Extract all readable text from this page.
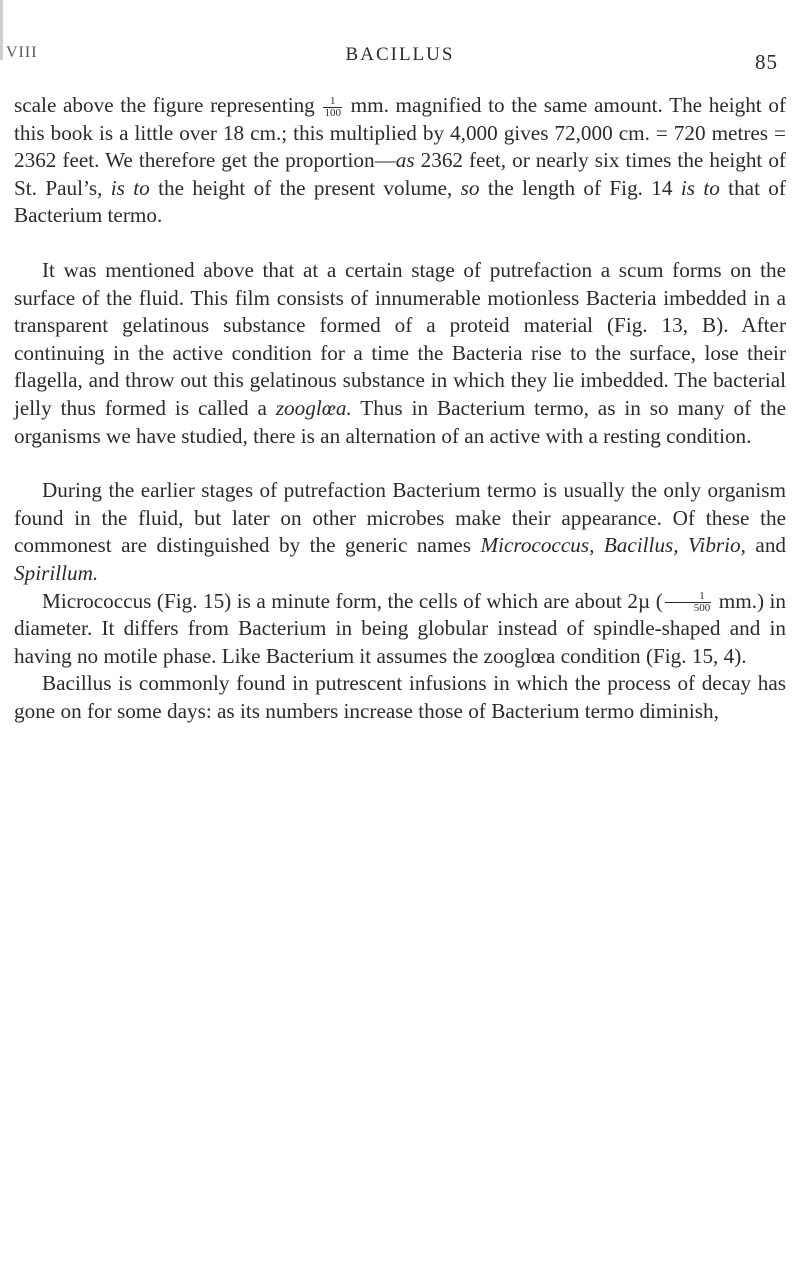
VIII	BACILLUS	85

scale above the figure representing $\frac{1}{100}$ mm. magnified to the same amount. The height of this book is a little over 18 cm.; this multiplied by 4,000 gives 72,000 cm. = 720 metres = 2362 feet. We therefore get the proportion—as 2362 feet, or nearly six times the height of St. Paul’s, is to the height of the present volume, so the length of Fig. 14 is to that of Bacterium termo.

It was mentioned above that at a certain stage of putrefaction a scum forms on the surface of the fluid. This film consists of innumerable motionless Bacteria imbedded in a transparent gelatinous substance formed of a proteid material (Fig. 13, B). After continuing in the active condition for a time the Bacteria rise to the surface, lose their flagella, and throw out this gelatinous substance in which they lie imbedded. The bacterial jelly thus formed is called a zooglœa. Thus in Bacterium termo, as in so many of the organisms we have studied, there is an alternation of an active with a resting condition.

During the earlier stages of putrefaction Bacterium termo is usually the only organism found in the fluid, but later on other microbes make their appearance. Of these the commonest are distinguished by the generic names Micrococcus, Bacillus, Vibrio, and Spirillum.

Micrococcus (Fig. 15) is a minute form, the cells of which are about 2µ ( $\frac{1}{500} mm$.) in diameter. It differs from Bacterium in being globular instead of spindle-shaped and in having no motile phase. Like Bacterium it assumes the zooglœa condition (Fig. 15, 4).

Bacillus is commonly found in putrescent infusions in which the process of decay has gone on for some days: as its numbers increase those of Bacterium termo diminish,
